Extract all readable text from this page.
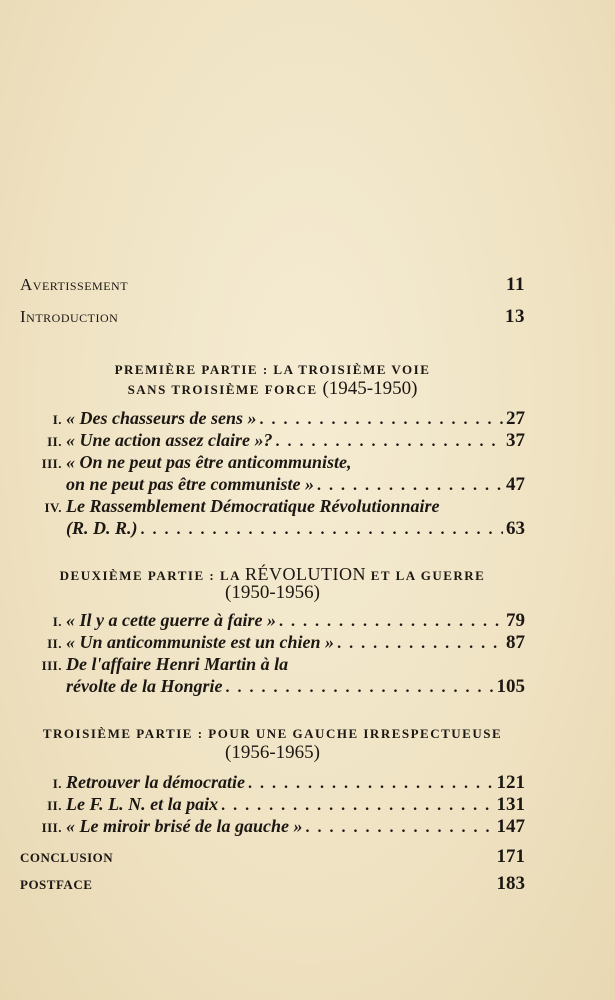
Avertissement	11
Introduction	13
PREMIÈRE PARTIE : LA TROISIÈME VOIE
SANS TROISIÈME FORCE (1945-1950)
I. « Des chasseurs de sens » . . .	27
II. « Une action assez claire »? . . .	37
III. « On ne peut pas être anticommuniste,
on ne peut pas être communiste » . . .	47
IV. Le Rassemblement Démocratique Révolutionnaire
(R. D. R.) . . .	63
DEUXIÈME PARTIE : LA RÉVOLUTION ET LA GUERRE
(1950-1956)
I. « Il y a cette guerre à faire » . . .	79
II. « Un anticommuniste est un chien » . . .	87
III. De l'affaire Henri Martin à la
révolte de la Hongrie . . .	105
TROISIÈME PARTIE : POUR UNE GAUCHE IRRESPECTUEUSE
(1956-1965)
I. Retrouver la démocratie . . .	121
II. Le F. L. N. et la paix . . .	131
III. « Le miroir brisé de la gauche » . . .	147
CONCLUSION	171
POSTFACE	183
